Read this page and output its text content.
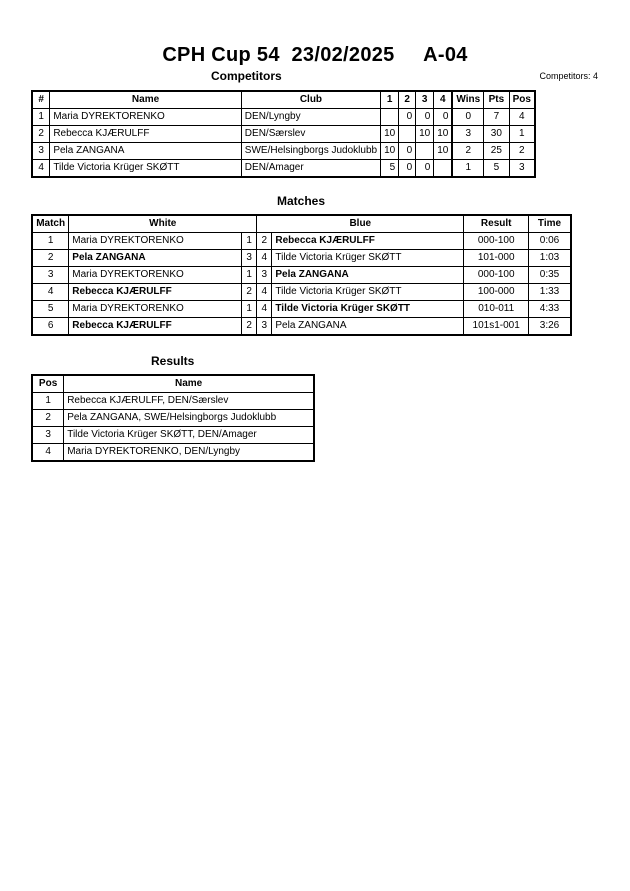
CPH Cup 54  23/02/2025     A-04
Competitors	Competitors: 4
#	Name	Club	1	2	3	4	Wins	Pts	Pos
1	Maria DYREKTORENKO	DEN/Lyngby		0	0	0	0	7	4
2	Rebecca KJÆRULFF	DEN/Særslev	10		10	10	3	30	1
3	Pela ZANGANA	SWE/Helsingborgs Judoklubb	10	0		10	2	25	2
4	Tilde Victoria Krüger SKØTT	DEN/Amager	5	0	0		1	5	3
Matches
Match	White		Blue		Result	Time
1	Maria DYREKTORENKO	1	2	Rebecca KJÆRULFF	000-100	0:06
2	Pela ZANGANA	3	4	Tilde Victoria Krüger SKØTT	101-000	1:03
3	Maria DYREKTORENKO	1	3	Pela ZANGANA	000-100	0:35
4	Rebecca KJÆRULFF	2	4	Tilde Victoria Krüger SKØTT	100-000	1:33
5	Maria DYREKTORENKO	1	4	Tilde Victoria Krüger SKØTT	010-011	4:33
6	Rebecca KJÆRULFF	2	3	Pela ZANGANA	101s1-001	3:26
Results
Pos	Name
1	Rebecca KJÆRULFF, DEN/Særslev
2	Pela ZANGANA, SWE/Helsingborgs Judoklubb
3	Tilde Victoria Krüger SKØTT, DEN/Amager
4	Maria DYREKTORENKO, DEN/Lyngby
